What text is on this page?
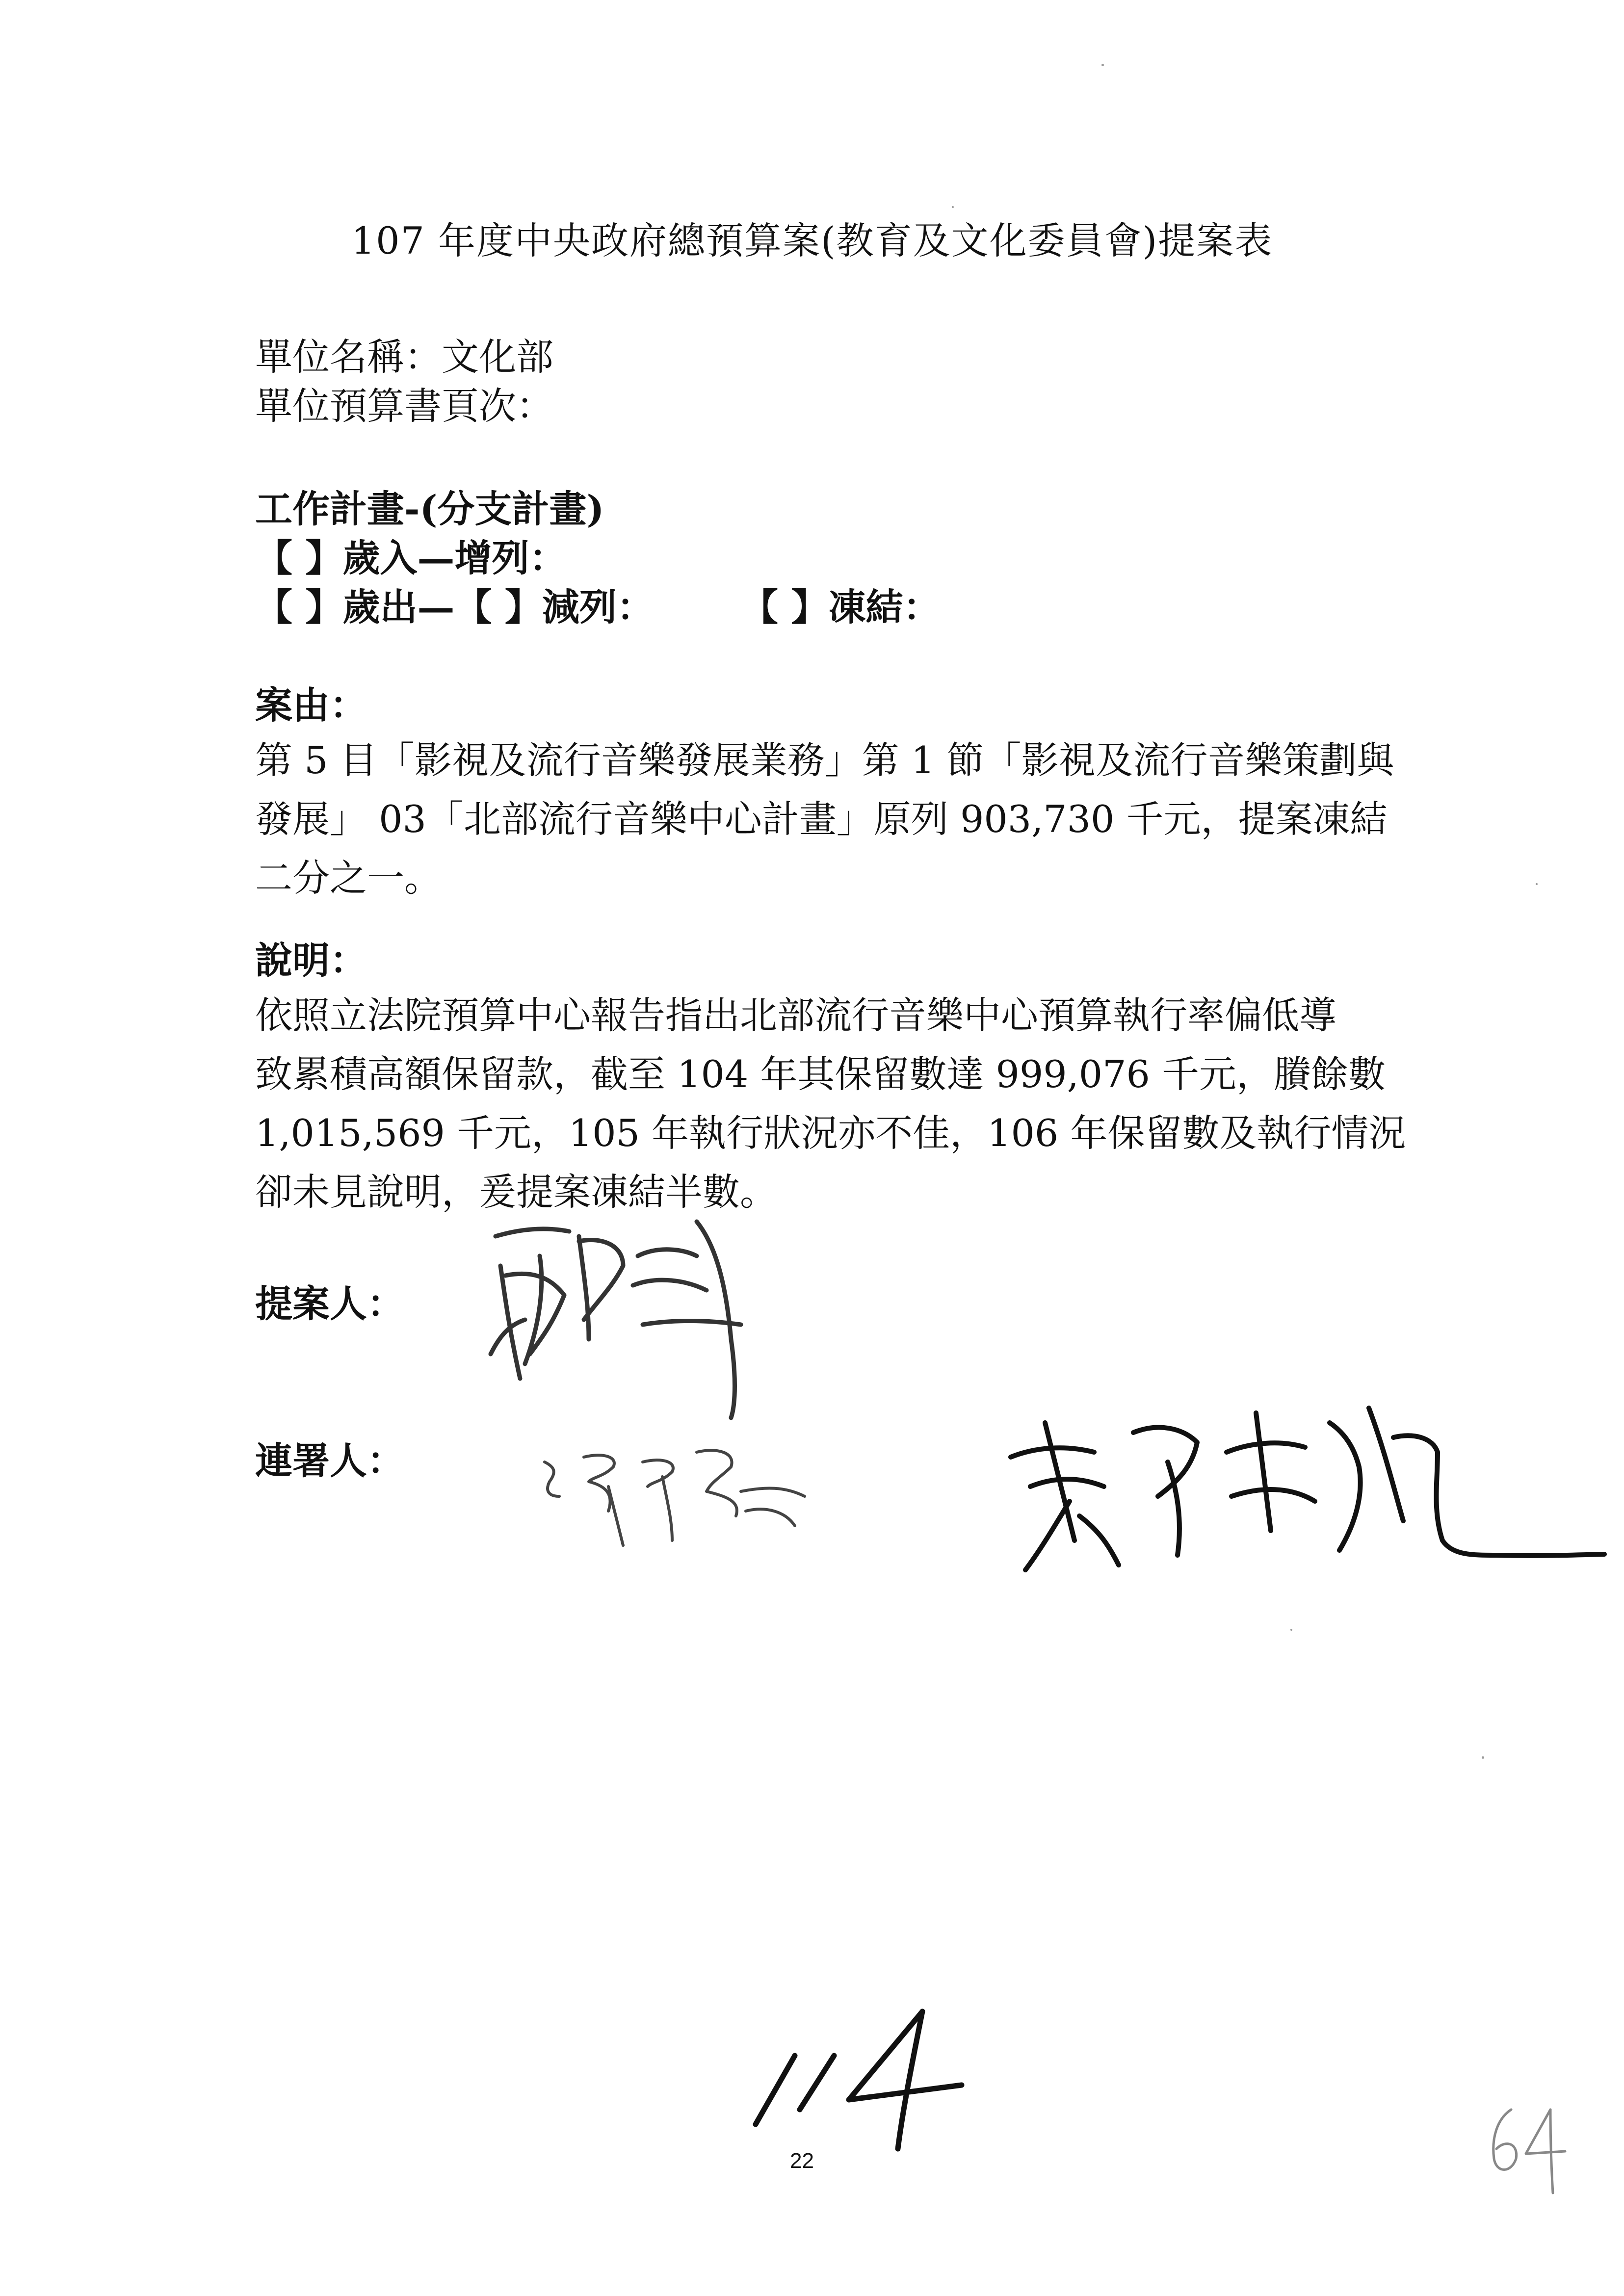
107 年度中央政府總預算案(教育及文化委員會)提案表
單位名稱：文化部
單位預算書頁次：
工作計畫-(分支計畫)
【 】歲入—增列：
【 】歲出—【 】減列： 【 】凍結：
案由：
第 5 目「影視及流行音樂發展業務」第 1 節「影視及流行音樂策劃與
發展」 03「北部流行音樂中心計畫」原列 903,730 千元，提案凍結
二分之一。
說明：
依照立法院預算中心報告指出北部流行音樂中心預算執行率偏低導
致累積高額保留款，截至 104 年其保留數達 999,076 千元，賸餘數
1,015,569 千元，105 年執行狀況亦不佳，106 年保留數及執行情況
卻未見說明，爰提案凍結半數。
提案人：
連署人：
22
